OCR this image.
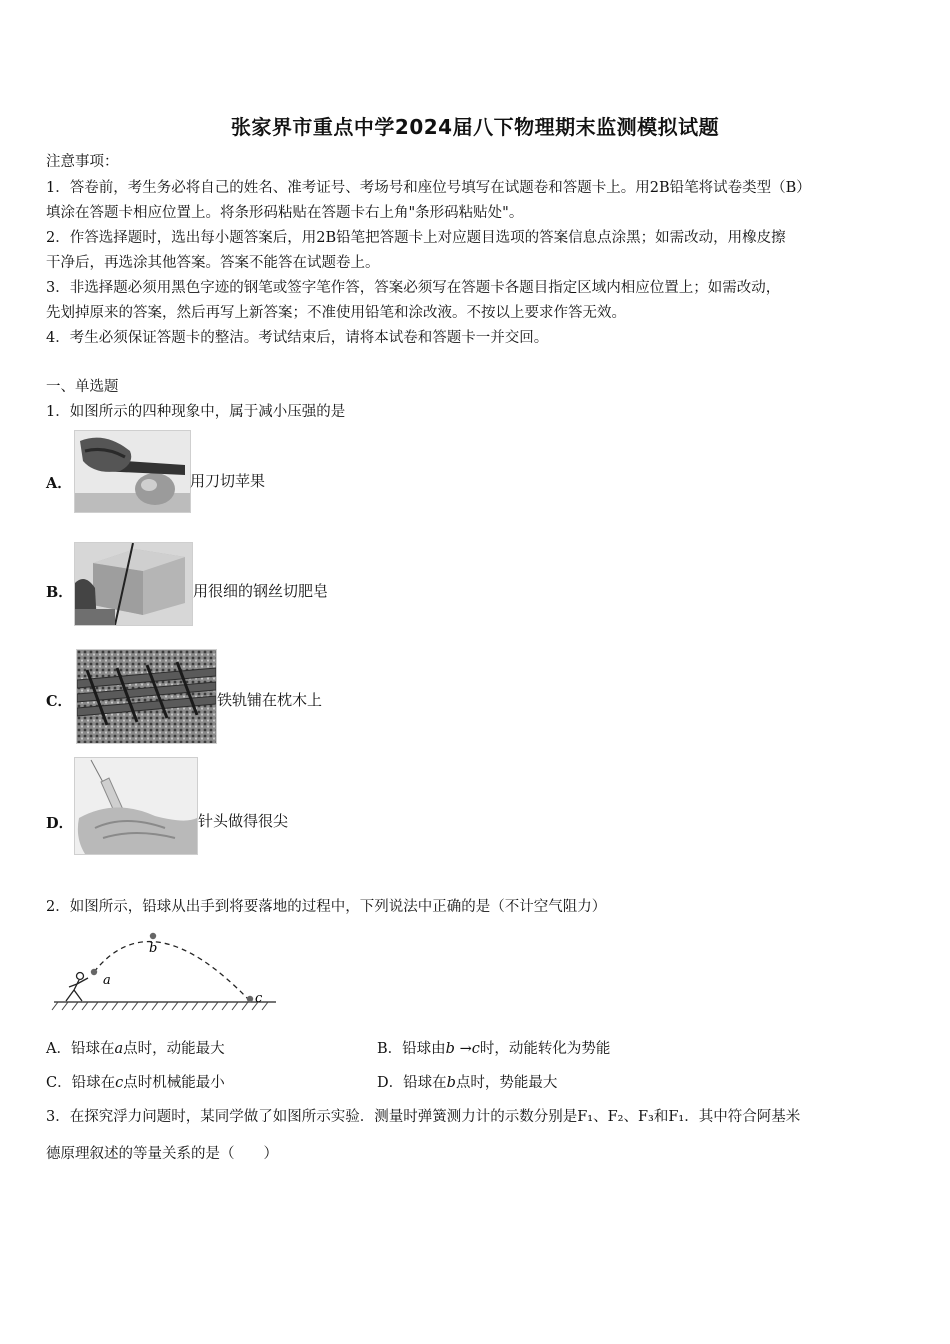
张家界市重点中学2024届八下物理期末监测模拟试题
注意事项：
1．答卷前，考生务必将自己的姓名、准考证号、考场号和座位号填写在试题卷和答题卡上。用2B铅笔将试卷类型（B）
填涂在答题卡相应位置上。将条形码粘贴在答题卡右上角"条形码粘贴处"。
2．作答选择题时，选出每小题答案后，用2B铅笔把答题卡上对应题目选项的答案信息点涂黑；如需改动，用橡皮擦
干净后，再选涂其他答案。答案不能答在试题卷上。
3．非选择题必须用黑色字迹的钢笔或签字笔作答，答案必须写在答题卡各题目指定区域内相应位置上；如需改动，
先划掉原来的答案，然后再写上新答案；不准使用铅笔和涂改液。不按以上要求作答无效。
4．考生必须保证答题卡的整洁。考试结束后，请将本试卷和答题卡一并交回。
一、单选题
1．如图所示的四种现象中，属于减小压强的是
A．	用刀切苹果
B．	用很细的钢丝切肥皂
C．	铁轨铺在枕木上
D．	针头做得很尖
2．如图所示，铅球从出手到将要落地的过程中，下列说法中正确的是（不计空气阻力）
a
b
c
A．铅球在a点时，动能最大	B．铅球由b →c时，动能转化为势能
C．铅球在c点时机械能最小	D．铅球在b点时，势能最大
3．在探究浮力问题时，某同学做了如图所示实验．测量时弹簧测力计的示数分别是F₁、F₂、F₃和F₁．其中符合阿基米
德原理叙述的等量关系的是（　　）
